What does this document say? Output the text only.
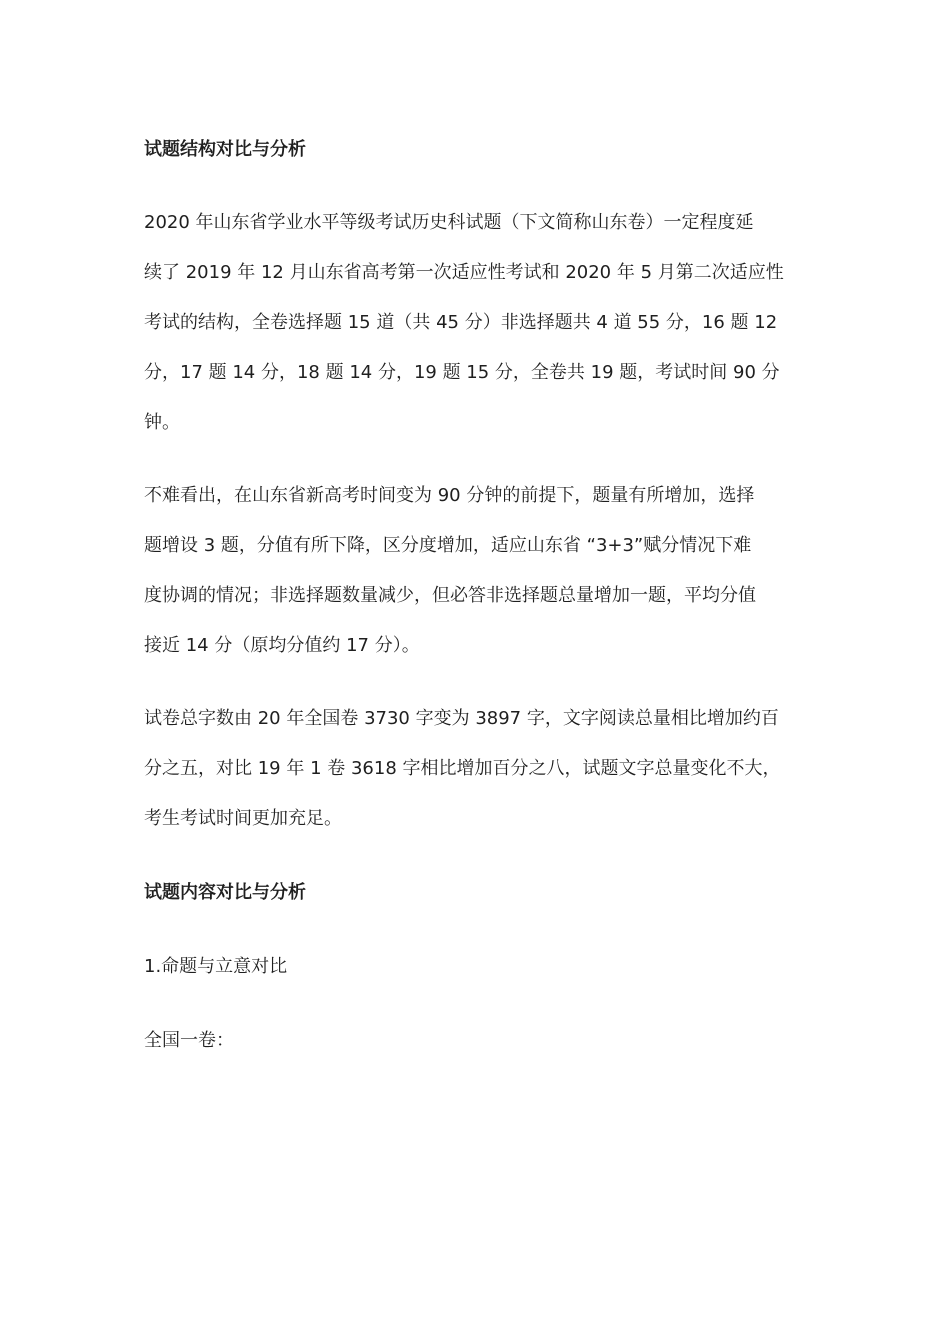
试题结构对比与分析
2020 年山东省学业水平等级考试历史科试题（下文简称山东卷）一定程度延
续了 2019 年 12 月山东省高考第一次适应性考试和 2020 年 5 月第二次适应性
考试的结构，全卷选择题 15 道（共 45 分）非选择题共 4 道 55 分，16 题 12
分，17 题 14 分，18 题 14 分，19 题 15 分，全卷共 19 题，考试时间 90 分
钟。
不难看出，在山东省新高考时间变为 90 分钟的前提下，题量有所增加，选择
题增设 3 题，分值有所下降，区分度增加，适应山东省 “3+3”赋分情况下难
度协调的情况；非选择题数量减少，但必答非选择题总量增加一题，平均分值
接近 14 分（原均分值约 17 分）。
试卷总字数由 20 年全国卷 3730 字变为 3897 字，文字阅读总量相比增加约百
分之五，对比 19 年 1 卷 3618 字相比增加百分之八，试题文字总量变化不大，
考生考试时间更加充足。
试题内容对比与分析
1.命题与立意对比
全国一卷：
